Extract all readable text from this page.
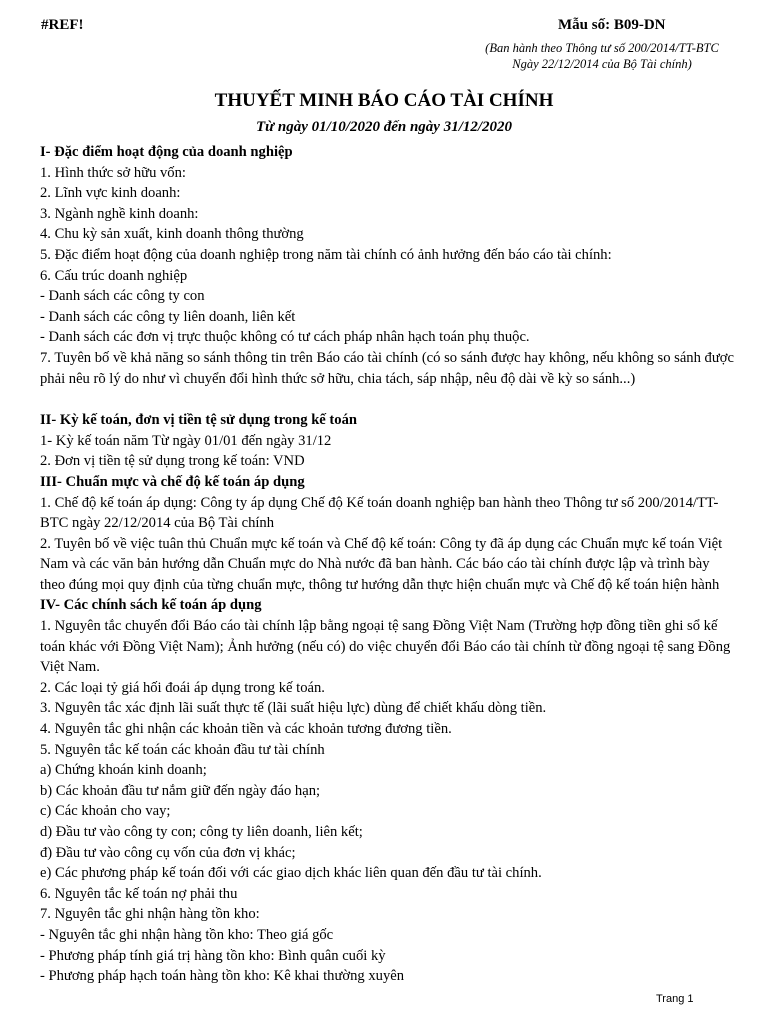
#REF!	Mẫu số: B09-DN
(Ban hành theo Thông tư số 200/2014/TT-BTC
Ngày 22/12/2014 của Bộ Tài chính)
THUYẾT MINH BÁO CÁO TÀI CHÍNH
Từ ngày 01/10/2020 đến ngày 31/12/2020

I- Đặc điểm hoạt động của doanh nghiệp

1. Hình thức sở hữu vốn:

2. Lĩnh vực kinh doanh:

3. Ngành nghề kinh doanh:

4. Chu kỳ sản xuất, kinh doanh thông thường

5. Đặc điểm hoạt động của doanh nghiệp trong năm tài chính có ảnh hưởng đến báo cáo tài chính:

6. Cấu trúc doanh nghiệp

- Danh sách các công ty con

- Danh sách các công ty liên doanh, liên kết

- Danh sách các đơn vị trực thuộc không có tư cách pháp nhân hạch toán phụ thuộc.

7. Tuyên bố về khả năng so sánh thông tin trên Báo cáo tài chính (có so sánh được hay không, nếu không so sánh được phải nêu rõ lý do như vì chuyển đổi hình thức sở hữu, chia tách, sáp nhập, nêu độ dài về kỳ so sánh...)

II- Kỳ kế toán, đơn vị tiền tệ sử dụng trong kế toán

1- Kỳ kế toán năm Từ ngày 01/01 đến ngày 31/12

2. Đơn vị tiền tệ sử dụng trong kế toán: VND

III- Chuẩn mực và chế độ kế toán áp dụng

1. Chế độ kế toán áp dụng: Công ty áp dụng Chế độ Kế toán doanh nghiệp ban hành theo Thông tư số 200/2014/TT-BTC ngày 22/12/2014 của Bộ Tài chính

2. Tuyên bố về việc tuân thủ Chuẩn mực kế toán và Chế độ kế toán: Công ty đã áp dụng các Chuẩn mực kế toán Việt Nam và các văn bản hướng dẫn Chuẩn mực do Nhà nước đã ban hành. Các báo cáo tài chính được lập và trình bày theo đúng mọi quy định của từng chuẩn mực, thông tư hướng dẫn thực hiện chuẩn mực và Chế độ kế toán hiện hành

IV- Các chính sách kế toán áp dụng

1. Nguyên tắc chuyển đổi Báo cáo tài chính lập bằng ngoại tệ sang Đồng Việt Nam (Trường hợp đồng tiền ghi sổ kế toán khác với Đồng Việt Nam); Ảnh hưởng (nếu có) do việc chuyển đổi Báo cáo tài chính từ đồng ngoại tệ sang Đồng Việt Nam.

2. Các loại tỷ giá hối đoái áp dụng trong kế toán.

3. Nguyên tắc xác định lãi suất thực tế (lãi suất hiệu lực) dùng để chiết khấu dòng tiền.

4. Nguyên tắc ghi nhận các khoản tiền và các khoản tương đương tiền.

5. Nguyên tắc kế toán các khoản đầu tư tài chính

a) Chứng khoán kinh doanh;

b) Các khoản đầu tư nắm giữ đến ngày đáo hạn;

c) Các khoản cho vay;

d) Đầu tư vào công ty con; công ty liên doanh, liên kết;

đ) Đầu tư vào công cụ vốn của đơn vị khác;

e) Các phương pháp kế toán đối với các giao dịch khác liên quan đến đầu tư tài chính.

6. Nguyên tắc kế toán nợ phải thu

7. Nguyên tắc ghi nhận hàng tồn kho:

- Nguyên tắc ghi nhận hàng tồn kho: Theo giá gốc

- Phương pháp tính giá trị hàng tồn kho: Bình quân cuối kỳ

- Phương pháp hạch toán hàng tồn kho: Kê khai thường xuyên

Trang 1
